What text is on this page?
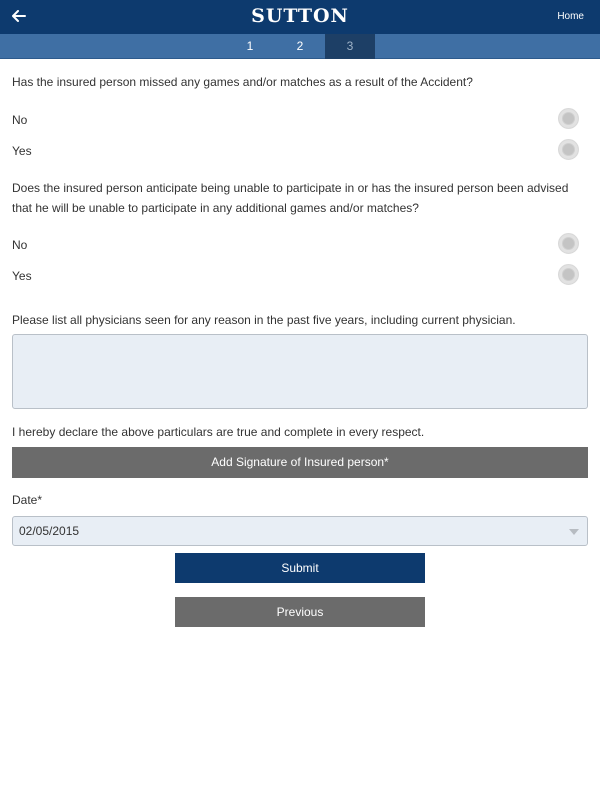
SUTTON	Home
1	2	3
Has the insured person missed any games and/or matches as a result of the Accident?
No
Yes
Does the insured person anticipate being unable to participate in or has the insured person been advised that he will be unable to participate in any additional games and/or matches?
No
Yes
Please list all physicians seen for any reason in the past five years, including current physician.
I hereby declare the above particulars are true and complete in every respect.
Add Signature of Insured person*
Date*
02/05/2015
Submit
Previous
